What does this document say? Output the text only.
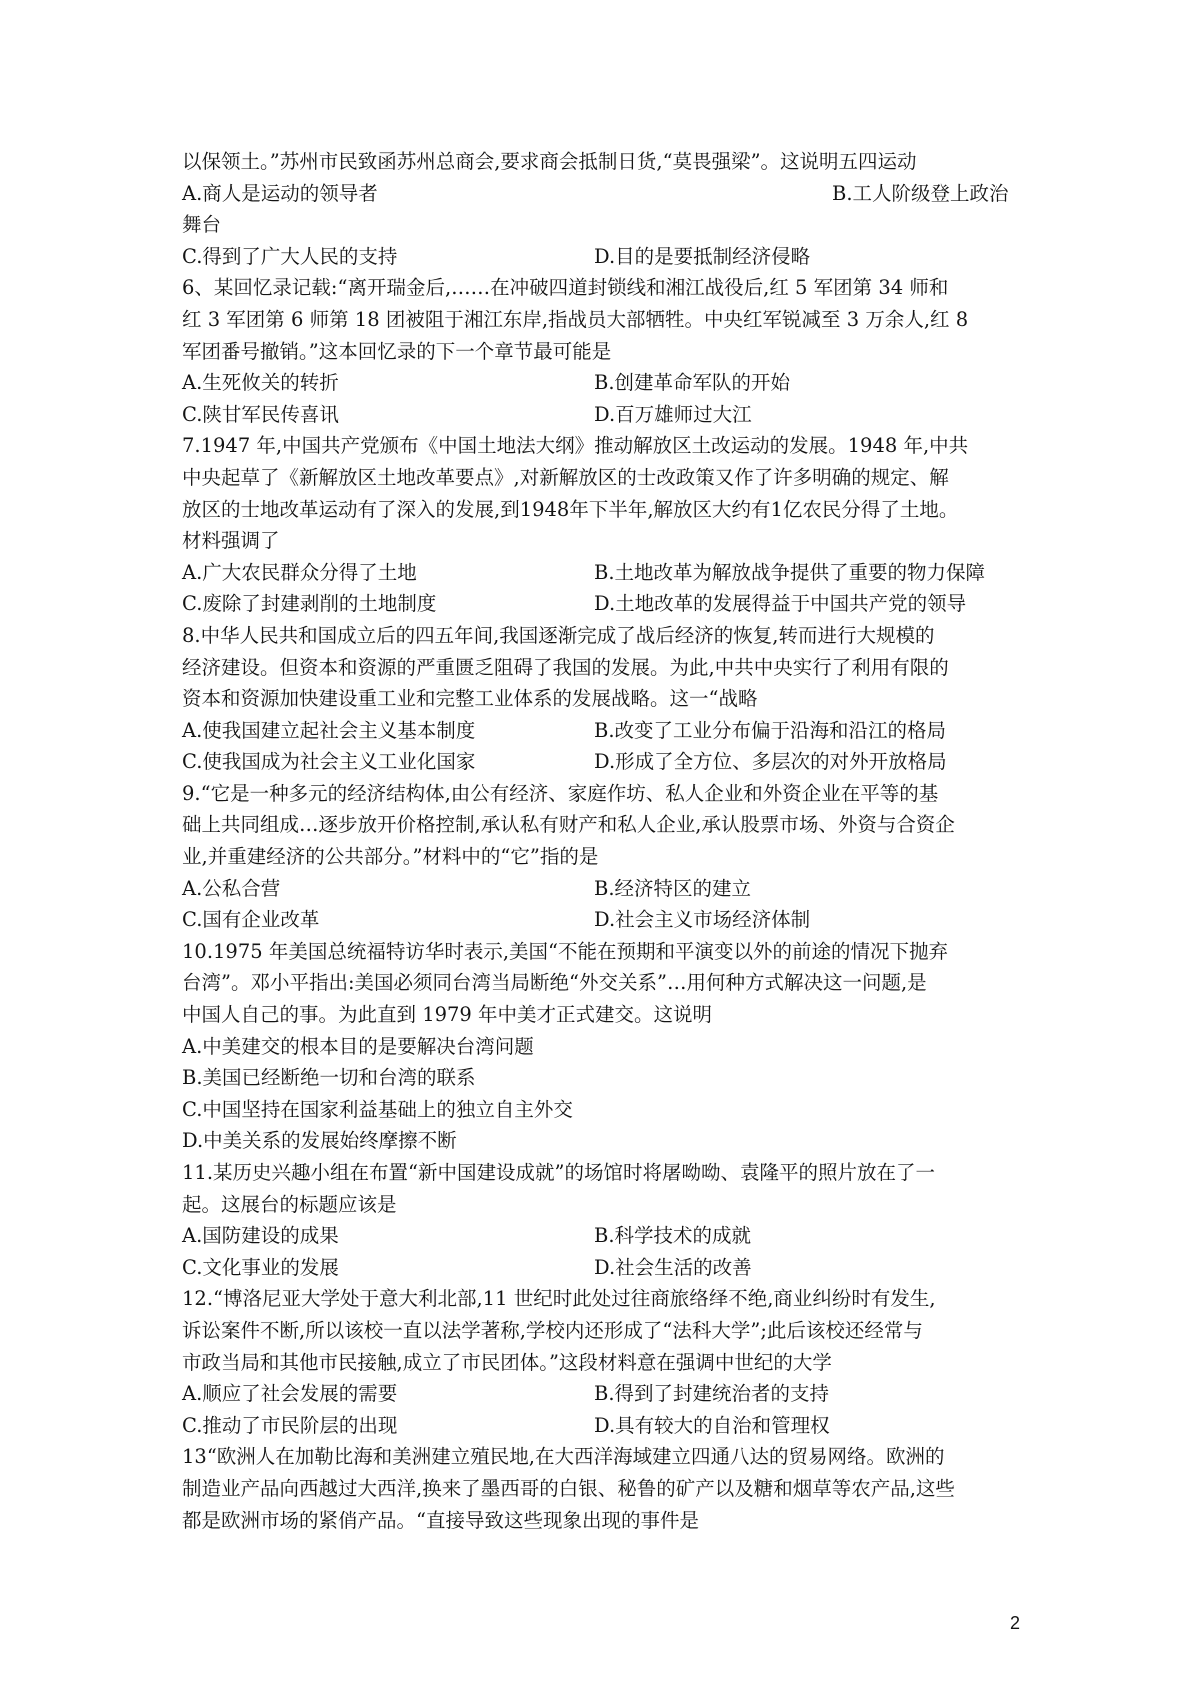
以保领土。”苏州市民致函苏州总商会,要求商会抵制日货,“莫畏强梁”。这说明五四运动
A.商人是运动的领导者	B.工人阶级登上政治
舞台
C.得到了广大人民的支持	D.目的是要抵制经济侵略
6、某回忆录记载:“离开瑞金后,……在冲破四道封锁线和湘江战役后,红 5 军团第 34 师和
红 3 军团第 6 师第 18 团被阻于湘江东岸,指战员大部牺牲。中央红军锐减至 3 万余人,红 8
军团番号撤销。”这本回忆录的下一个章节最可能是
A.生死攸关的转折	B.创建革命军队的开始
C.陕甘军民传喜讯	D.百万雄师过大江
7.1947 年,中国共产党颁布《中国土地法大纲》推动解放区土改运动的发展。1948 年,中共
中央起草了《新解放区土地改革要点》,对新解放区的士改政策又作了许多明确的规定、解
放区的士地改革运动有了深入的发展,到1948年下半年,解放区大约有1亿农民分得了土地。
材料强调了
A.广大农民群众分得了土地	B.土地改革为解放战争提供了重要的物力保障
C.废除了封建剥削的土地制度	D.土地改革的发展得益于中国共产党的领导
8.中华人民共和国成立后的四五年间,我国逐渐完成了战后经济的恢复,转而进行大规模的
经济建设。但资本和资源的严重匮乏阻碍了我国的发展。为此,中共中央实行了利用有限的
资本和资源加快建设重工业和完整工业体系的发展战略。这一“战略
A.使我国建立起社会主义基本制度	B.改变了工业分布偏于沿海和沿江的格局
C.使我国成为社会主义工业化国家	D.形成了全方位、多层次的对外开放格局
9.“它是一种多元的经济结构体,由公有经济、家庭作坊、私人企业和外资企业在平等的基
础上共同组成…逐步放开价格控制,承认私有财产和私人企业,承认股票市场、外资与合资企
业,并重建经济的公共部分。”材料中的“它”指的是
A.公私合营	B.经济特区的建立
C.国有企业改革	D.社会主义市场经济体制
10.1975 年美国总统福特访华时表示,美国“不能在预期和平演变以外的前途的情况下抛弃
台湾”。邓小平指出:美国必须同台湾当局断绝“外交关系”…用何种方式解决这一问题,是
中国人自己的事。为此直到 1979 年中美才正式建交。这说明
A.中美建交的根本目的是要解决台湾问题
B.美国已经断绝一切和台湾的联系
C.中国坚持在国家利益基础上的独立自主外交
D.中美关系的发展始终摩擦不断
11.某历史兴趣小组在布置“新中国建设成就”的场馆时将屠呦呦、袁隆平的照片放在了一
起。这展台的标题应该是
A.国防建设的成果	B.科学技术的成就
C.文化事业的发展	D.社会生活的改善
12.“博洛尼亚大学处于意大利北部,11 世纪时此处过往商旅络绎不绝,商业纠纷时有发生,
诉讼案件不断,所以该校一直以法学著称,学校内还形成了“法科大学”;此后该校还经常与
市政当局和其他市民接触,成立了市民团体。”这段材料意在强调中世纪的大学
A.顺应了社会发展的需要	B.得到了封建统治者的支持
C.推动了市民阶层的出现	D.具有较大的自治和管理权
13“欧洲人在加勒比海和美洲建立殖民地,在大西洋海域建立四通八达的贸易网络。欧洲的
制造业产品向西越过大西洋,换来了墨西哥的白银、秘鲁的矿产以及糖和烟草等农产品,这些
都是欧洲市场的紧俏产品。“直接导致这些现象出现的事件是
2
